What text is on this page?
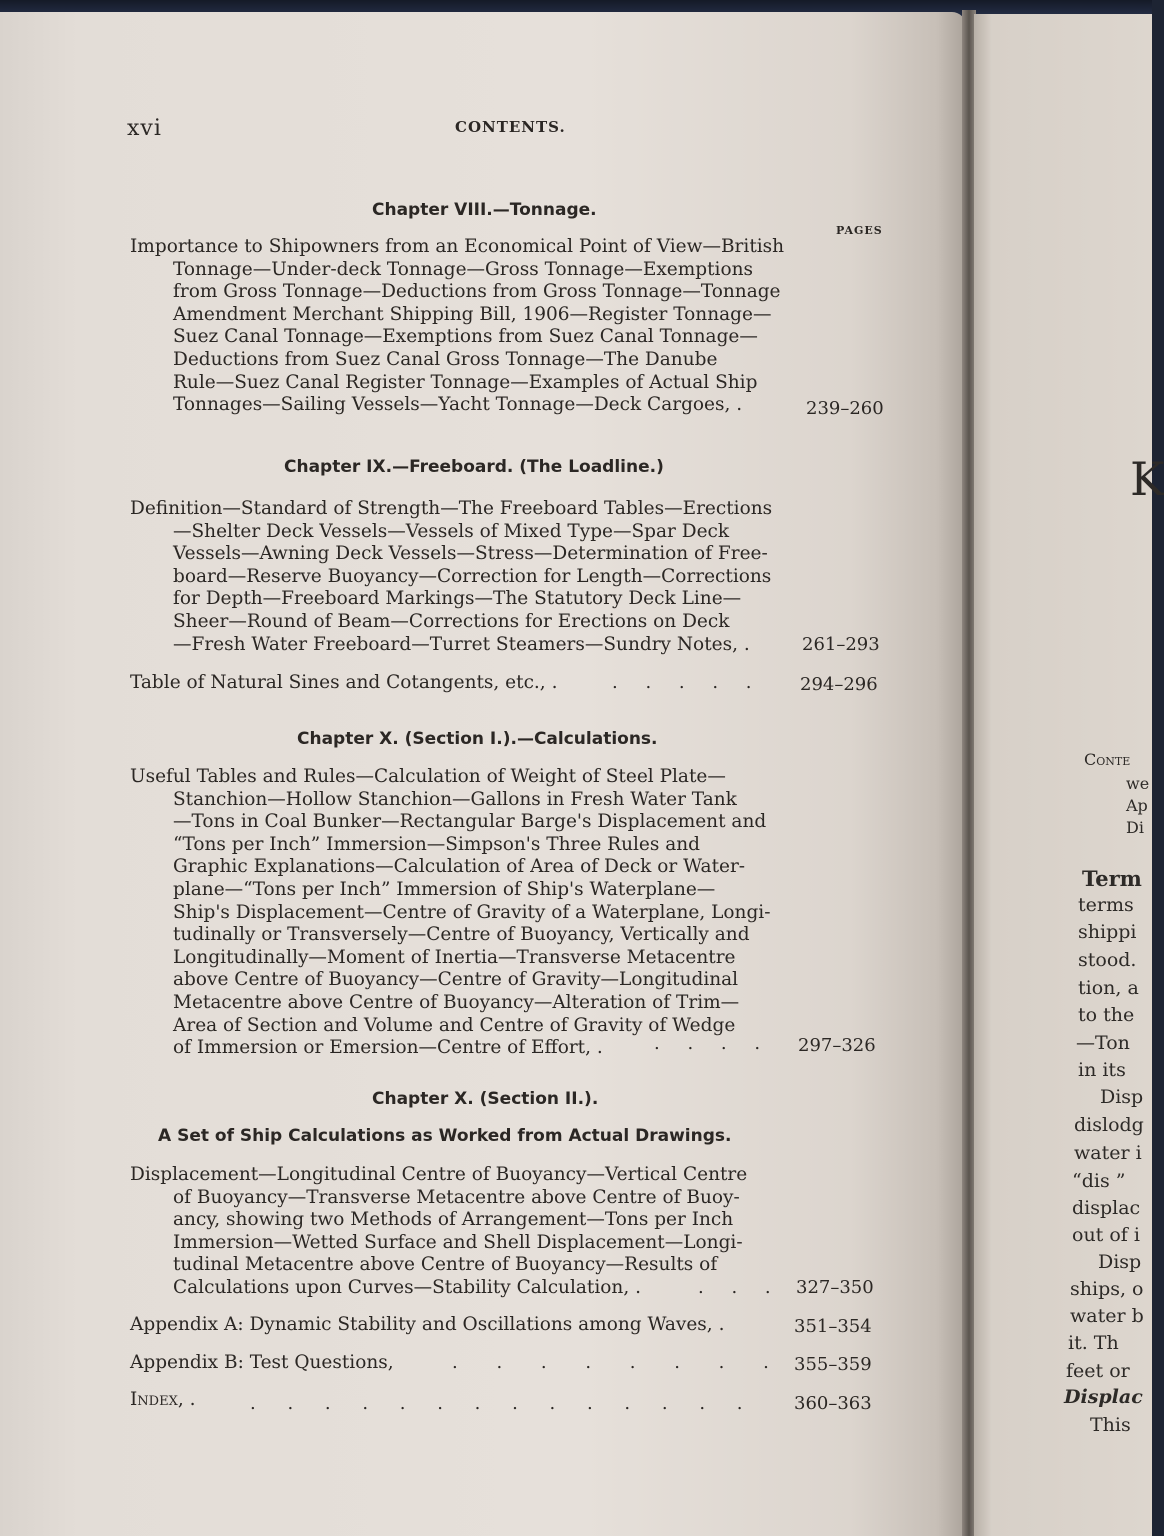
K
Conte
we
Ap
Di
Term
terms
shippi
stood.
tion, a
to the
—Ton
in its
Disp
dislodg
water i
“dis ”
displac
out of i
Disp
ships, o
water b
it. Th
feet or
Displac
This
xvi	CONTENTS.
PAGES
Chapter VIII.—Tonnage.
Importance to Shipowners from an Economical Point of View—British
Tonnage—Under-deck Tonnage—Gross Tonnage—Exemptions
from Gross Tonnage—Deductions from Gross Tonnage—Tonnage
Amendment Merchant Shipping Bill, 1906—Register Tonnage—
Suez Canal Tonnage—Exemptions from Suez Canal Tonnage—
Deductions from Suez Canal Gross Tonnage—The Danube
Rule—Suez Canal Register Tonnage—Examples of Actual Ship
Tonnages—Sailing Vessels—Yacht Tonnage—Deck Cargoes, .	239–260
Chapter IX.—Freeboard. (The Loadline.)
Definition—Standard of Strength—The Freeboard Tables—Erections
—Shelter Deck Vessels—Vessels of Mixed Type—Spar Deck
Vessels—Awning Deck Vessels—Stress—Determination of Free-
board—Reserve Buoyancy—Correction for Length—Corrections
for Depth—Freeboard Markings—The Statutory Deck Line—
Sheer—Round of Beam—Corrections for Erections on Deck
—Fresh Water Freeboard—Turret Steamers—Sundry Notes, .	261–293
Table of Natural Sines and Cotangents, etc., .	. . . . .	294–296
Chapter X. (Section I.).—Calculations.
Useful Tables and Rules—Calculation of Weight of Steel Plate—
Stanchion—Hollow Stanchion—Gallons in Fresh Water Tank
—Tons in Coal Bunker—Rectangular Barge's Displacement and
“Tons per Inch” Immersion—Simpson's Three Rules and
Graphic Explanations—Calculation of Area of Deck or Water-
plane—“Tons per Inch” Immersion of Ship's Waterplane—
Ship's Displacement—Centre of Gravity of a Waterplane, Longi-
tudinally or Transversely—Centre of Buoyancy, Vertically and
Longitudinally—Moment of Inertia—Transverse Metacentre
above Centre of Buoyancy—Centre of Gravity—Longitudinal
Metacentre above Centre of Buoyancy—Alteration of Trim—
Area of Section and Volume and Centre of Gravity of Wedge
of Immersion or Emersion—Centre of Effort, .	. . . . 297–326
Chapter X. (Section II.).
A Set of Ship Calculations as Worked from Actual Drawings.
Displacement—Longitudinal Centre of Buoyancy—Vertical Centre
of Buoyancy—Transverse Metacentre above Centre of Buoy-
ancy, showing two Methods of Arrangement—Tons per Inch
Immersion—Wetted Surface and Shell Displacement—Longi-
tudinal Metacentre above Centre of Buoyancy—Results of
Calculations upon Curves—Stability Calculation, .	. . . 327–350
Appendix A: Dynamic Stability and Oscillations among Waves, .	351–354
Appendix B: Test Questions,	. . . . . . . . 355–359
Index, .	. . . . . . . . . . . . . .	360–363
